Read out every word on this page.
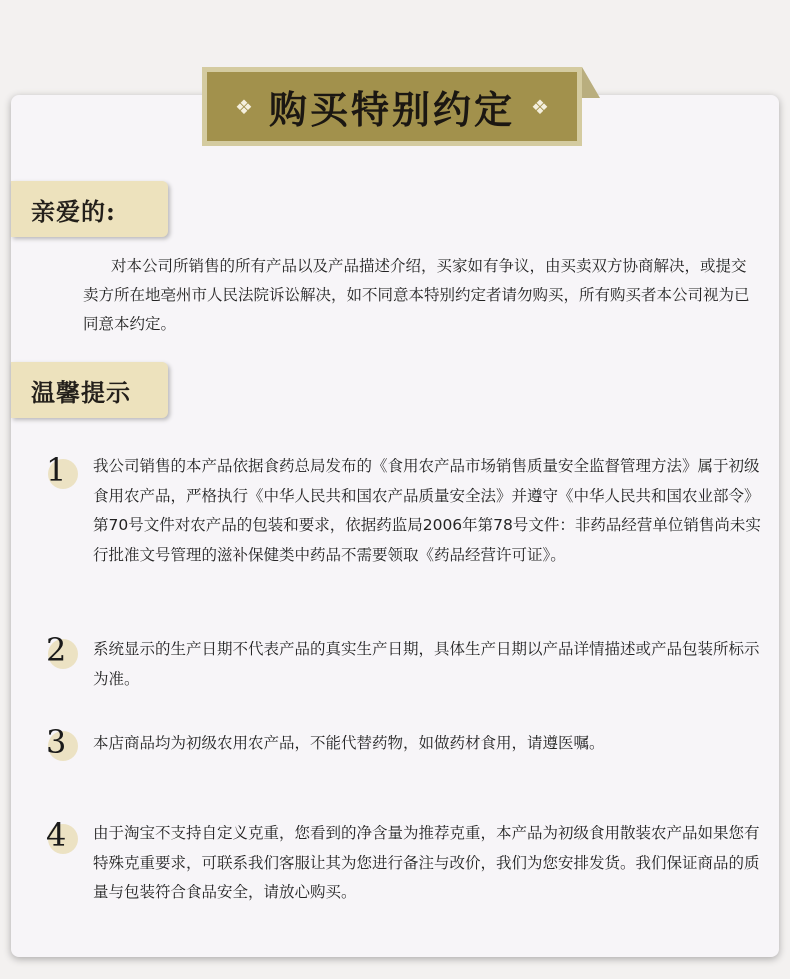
❖ 购买特别约定 ❖
亲爱的:

对本公司所销售的所有产品以及产品描述介绍，买家如有争议，由买卖双方协商解决，或提交卖方所在地亳州市人民法院诉讼解决，如不同意本特别约定者请勿购买，所有购买者本公司视为已同意本约定。

温馨提示
1 我公司销售的本产品依据食药总局发布的《食用农产品市场销售质量安全监督管理方法》属于初级食用农产品，严格执行《中华人民共和国农产品质量安全法》并遵守《中华人民共和国农业部令》第70号文件对农产品的包装和要求，依据药监局2006年第78号文件：非药品经营单位销售尚未实行批准文号管理的滋补保健类中药品不需要领取《药品经营许可证》。

2 系统显示的生产日期不代表产品的真实生产日期，具体生产日期以产品详情描述或产品包装所标示为准。

3 本店商品均为初级农用农产品，不能代替药物，如做药材食用，请遵医嘱。

4 由于淘宝不支持自定义克重，您看到的净含量为推荐克重，本产品为初级食用散装农产品如果您有特殊克重要求，可联系我们客服让其为您进行备注与改价，我们为您安排发货。我们保证商品的质量与包装符合食品安全，请放心购买。
